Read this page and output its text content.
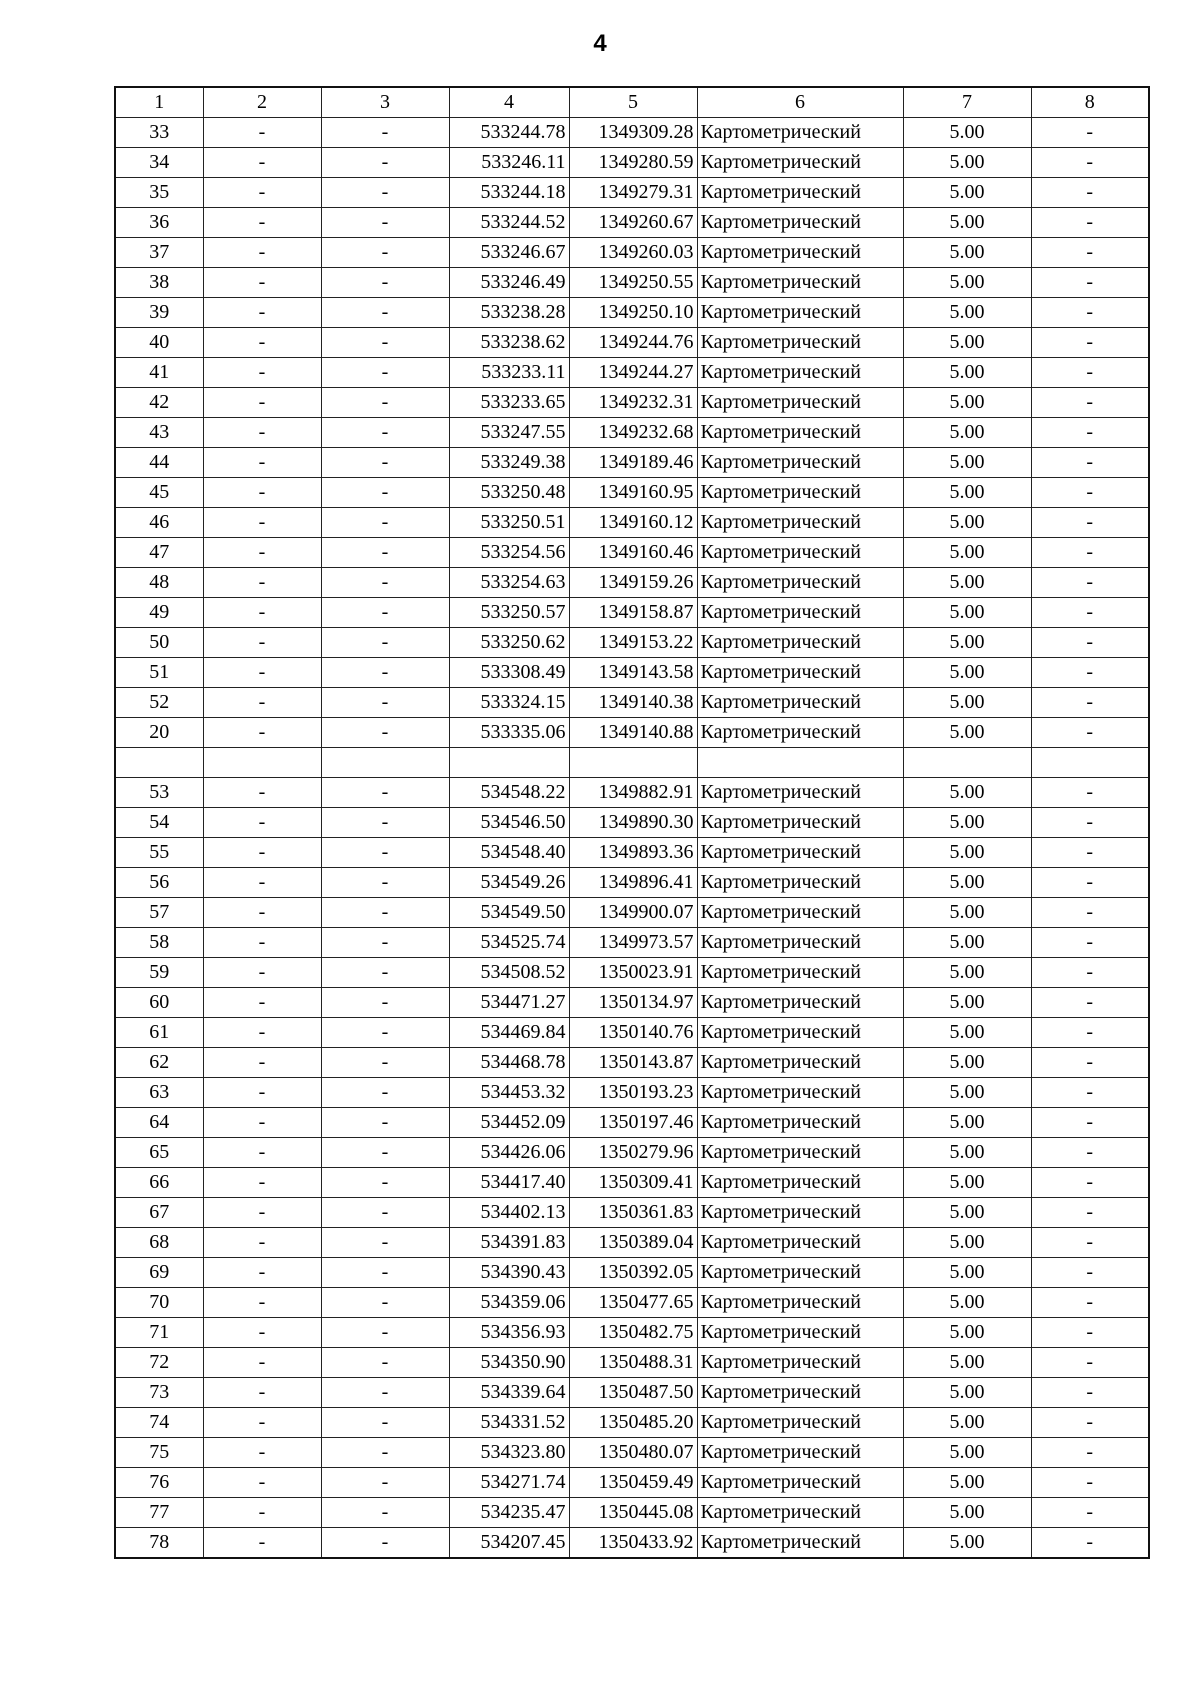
4
1	2	3	4	5	6	7	8
33	-	-	533244.78	1349309.28	Картометрический	5.00	-
34	-	-	533246.11	1349280.59	Картометрический	5.00	-
35	-	-	533244.18	1349279.31	Картометрический	5.00	-
36	-	-	533244.52	1349260.67	Картометрический	5.00	-
37	-	-	533246.67	1349260.03	Картометрический	5.00	-
38	-	-	533246.49	1349250.55	Картометрический	5.00	-
39	-	-	533238.28	1349250.10	Картометрический	5.00	-
40	-	-	533238.62	1349244.76	Картометрический	5.00	-
41	-	-	533233.11	1349244.27	Картометрический	5.00	-
42	-	-	533233.65	1349232.31	Картометрический	5.00	-
43	-	-	533247.55	1349232.68	Картометрический	5.00	-
44	-	-	533249.38	1349189.46	Картометрический	5.00	-
45	-	-	533250.48	1349160.95	Картометрический	5.00	-
46	-	-	533250.51	1349160.12	Картометрический	5.00	-
47	-	-	533254.56	1349160.46	Картометрический	5.00	-
48	-	-	533254.63	1349159.26	Картометрический	5.00	-
49	-	-	533250.57	1349158.87	Картометрический	5.00	-
50	-	-	533250.62	1349153.22	Картометрический	5.00	-
51	-	-	533308.49	1349143.58	Картометрический	5.00	-
52	-	-	533324.15	1349140.38	Картометрический	5.00	-
20	-	-	533335.06	1349140.88	Картометрический	5.00	-

53	-	-	534548.22	1349882.91	Картометрический	5.00	-
54	-	-	534546.50	1349890.30	Картометрический	5.00	-
55	-	-	534548.40	1349893.36	Картометрический	5.00	-
56	-	-	534549.26	1349896.41	Картометрический	5.00	-
57	-	-	534549.50	1349900.07	Картометрический	5.00	-
58	-	-	534525.74	1349973.57	Картометрический	5.00	-
59	-	-	534508.52	1350023.91	Картометрический	5.00	-
60	-	-	534471.27	1350134.97	Картометрический	5.00	-
61	-	-	534469.84	1350140.76	Картометрический	5.00	-
62	-	-	534468.78	1350143.87	Картометрический	5.00	-
63	-	-	534453.32	1350193.23	Картометрический	5.00	-
64	-	-	534452.09	1350197.46	Картометрический	5.00	-
65	-	-	534426.06	1350279.96	Картометрический	5.00	-
66	-	-	534417.40	1350309.41	Картометрический	5.00	-
67	-	-	534402.13	1350361.83	Картометрический	5.00	-
68	-	-	534391.83	1350389.04	Картометрический	5.00	-
69	-	-	534390.43	1350392.05	Картометрический	5.00	-
70	-	-	534359.06	1350477.65	Картометрический	5.00	-
71	-	-	534356.93	1350482.75	Картометрический	5.00	-
72	-	-	534350.90	1350488.31	Картометрический	5.00	-
73	-	-	534339.64	1350487.50	Картометрический	5.00	-
74	-	-	534331.52	1350485.20	Картометрический	5.00	-
75	-	-	534323.80	1350480.07	Картометрический	5.00	-
76	-	-	534271.74	1350459.49	Картометрический	5.00	-
77	-	-	534235.47	1350445.08	Картометрический	5.00	-
78	-	-	534207.45	1350433.92	Картометрический	5.00	-
